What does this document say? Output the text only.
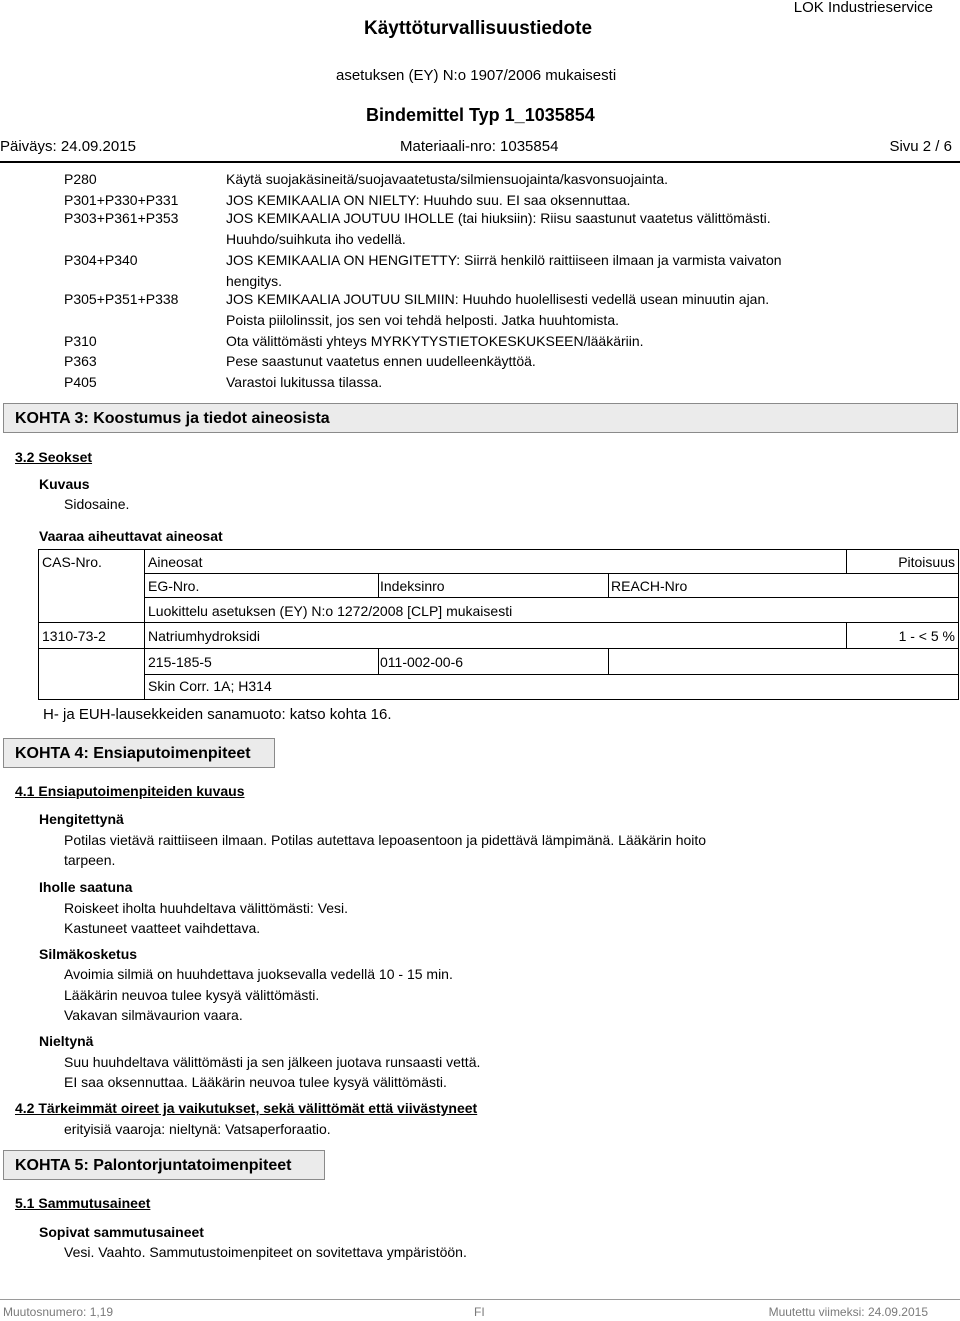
Käyttöturvallisuustiedote
LOK Industrieservice
asetuksen (EY) N:o 1907/2006 mukaisesti
Bindemittel Typ 1_1035854
Päiväys: 24.09.2015	Materiaali-nro: 1035854	Sivu 2 / 6
P280	Käytä suojakäsineitä/suojavaatetusta/silmiensuojainta/kasvonsuojainta.
P301+P330+P331	JOS KEMIKAALIA ON NIELTY: Huuhdo suu. EI saa oksennuttaa.
P303+P361+P353	JOS KEMIKAALIA JOUTUU IHOLLE (tai hiuksiin): Riisu saastunut vaatetus välittömästi.
Huuhdo/suihkuta iho vedellä.
P304+P340	JOS KEMIKAALIA ON HENGITETTY: Siirrä henkilö raittiiseen ilmaan ja varmista vaivaton
hengitys.
P305+P351+P338	JOS KEMIKAALIA JOUTUU SILMIIN: Huuhdo huolellisesti vedellä usean minuutin ajan.
Poista piilolinssit, jos sen voi tehdä helposti. Jatka huuhtomista.
P310	Ota välittömästi yhteys MYRKYTYSTIETOKESKUKSEEN/lääkäriin.
P363	Pese saastunut vaatetus ennen uudelleenkäyttöä.
P405	Varastoi lukitussa tilassa.
KOHTA 3: Koostumus ja tiedot aineosista
3.2 Seokset
Kuvaus
Sidosaine.
Vaaraa aiheuttavat aineosat
CAS-Nro.	Aineosat	Pitoisuus
EG-Nro.	Indeksinro	REACH-Nro
Luokittelu asetuksen (EY) N:o 1272/2008 [CLP] mukaisesti
1310-73-2	Natriumhydroksidi	1 - < 5 %
215-185-5	011-002-00-6
Skin Corr. 1A; H314
H- ja EUH-lausekkeiden sanamuoto: katso kohta 16.
KOHTA 4: Ensiaputoimenpiteet
4.1 Ensiaputoimenpiteiden kuvaus
Hengitettynä
Potilas vietävä raittiiseen ilmaan. Potilas autettava lepoasentoon ja pidettävä lämpimänä. Lääkärin hoito
tarpeen.
Iholle saatuna
Roiskeet iholta huuhdeltava välittömästi: Vesi.
Kastuneet vaatteet vaihdettava.
Silmäkosketus
Avoimia silmiä on huuhdettava juoksevalla vedellä 10 - 15 min.
Lääkärin neuvoa tulee kysyä välittömästi.
Vakavan silmävaurion vaara.
Nieltynä
Suu huuhdeltava välittömästi ja sen jälkeen juotava runsaasti vettä.
EI saa oksennuttaa. Lääkärin neuvoa tulee kysyä välittömästi.
4.2 Tärkeimmät oireet ja vaikutukset, sekä välittömät että viivästyneet
erityisiä vaaroja: nieltynä: Vatsaperforaatio.
KOHTA 5: Palontorjuntatoimenpiteet
5.1 Sammutusaineet
Sopivat sammutusaineet
Vesi. Vaahto. Sammutustoimenpiteet on sovitettava ympäristöön.
Muutosnumero: 1,19	FI	Muutettu viimeksi: 24.09.2015
